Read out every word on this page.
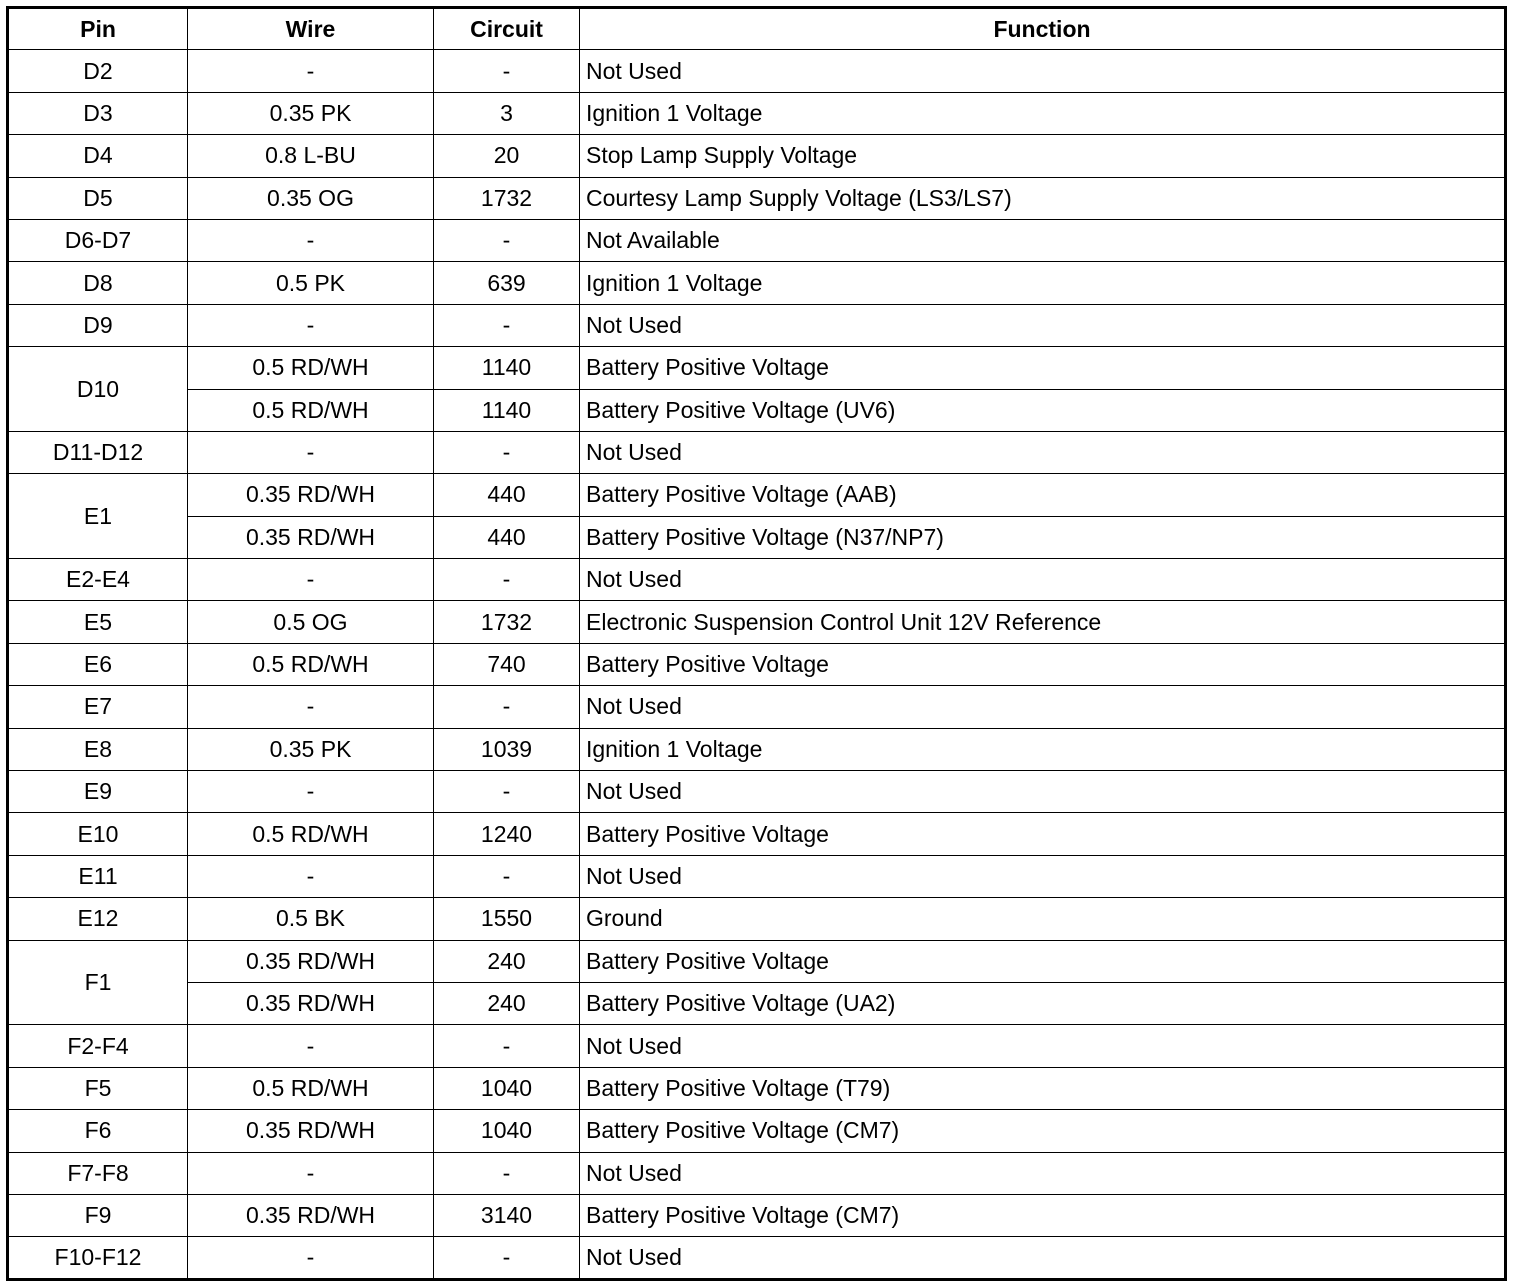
Pin	Wire	Circuit	Function
D2	-	-	Not Used
D3	0.35 PK	3	Ignition 1 Voltage
D4	0.8 L-BU	20	Stop Lamp Supply Voltage
D5	0.35 OG	1732	Courtesy Lamp Supply Voltage (LS3/LS7)
D6-D7	-	-	Not Available
D8	0.5 PK	639	Ignition 1 Voltage
D9	-	-	Not Used
D10	0.5 RD/WH	1140	Battery Positive Voltage
	0.5 RD/WH	1140	Battery Positive Voltage (UV6)
D11-D12	-	-	Not Used
E1	0.35 RD/WH	440	Battery Positive Voltage (AAB)
	0.35 RD/WH	440	Battery Positive Voltage (N37/NP7)
E2-E4	-	-	Not Used
E5	0.5 OG	1732	Electronic Suspension Control Unit 12V Reference
E6	0.5 RD/WH	740	Battery Positive Voltage
E7	-	-	Not Used
E8	0.35 PK	1039	Ignition 1 Voltage
E9	-	-	Not Used
E10	0.5 RD/WH	1240	Battery Positive Voltage
E11	-	-	Not Used
E12	0.5 BK	1550	Ground
F1	0.35 RD/WH	240	Battery Positive Voltage
	0.35 RD/WH	240	Battery Positive Voltage (UA2)
F2-F4	-	-	Not Used
F5	0.5 RD/WH	1040	Battery Positive Voltage (T79)
F6	0.35 RD/WH	1040	Battery Positive Voltage (CM7)
F7-F8	-	-	Not Used
F9	0.35 RD/WH	3140	Battery Positive Voltage (CM7)
F10-F12	-	-	Not Used
